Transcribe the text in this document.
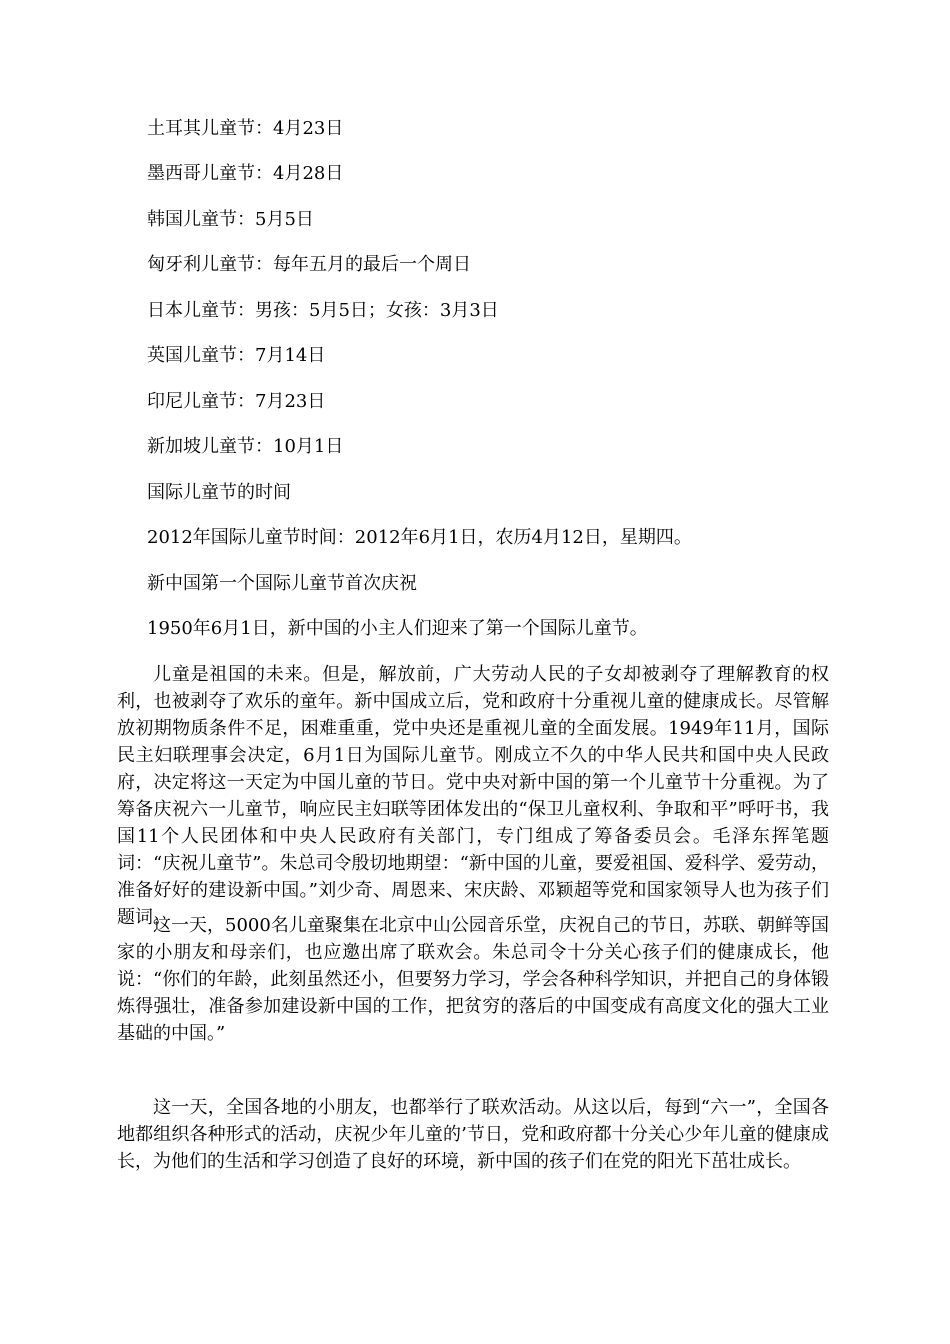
土耳其儿童节：4月23日

墨西哥儿童节：4月28日

韩国儿童节：5月5日

匈牙利儿童节：每年五月的最后一个周日

日本儿童节：男孩：5月5日；女孩：3月3日

英国儿童节：7月14日

印尼儿童节：7月23日

新加坡儿童节：10月1日

国际儿童节的时间

2012年国际儿童节时间：2012年6月1日，农历4月12日，星期四。

新中国第一个国际儿童节首次庆祝

1950年6月1日，新中国的小主人们迎来了第一个国际儿童节。

儿童是祖国的未来。但是，解放前，广大劳动人民的子女却被剥夺了理解教育的权利，也被剥夺了欢乐的童年。新中国成立后，党和政府十分重视儿童的健康成长。尽管解放初期物质条件不足，困难重重，党中央还是重视儿童的全面发展。1949年11月，国际民主妇联理事会决定，6月1日为国际儿童节。刚成立不久的中华人民共和国中央人民政府，决定将这一天定为中国儿童的节日。党中央对新中国的第一个儿童节十分重视。为了筹备庆祝六一儿童节，响应民主妇联等团体发出的“保卫儿童权利、争取和平”呼吁书，我国11个人民团体和中央人民政府有关部门，专门组成了筹备委员会。毛泽东挥笔题词：“庆祝儿童节”。朱总司令殷切地期望：“新中国的儿童，要爱祖国、爱科学、爱劳动，准备好好的建设新中国。”刘少奇、周恩来、宋庆龄、邓颖超等党和国家领导人也为孩子们题词。

这一天，5000名儿童聚集在北京中山公园音乐堂，庆祝自己的节日，苏联、朝鲜等国家的小朋友和母亲们，也应邀出席了联欢会。朱总司令十分关心孩子们的健康成长，他说：“你们的年龄，此刻虽然还小，但要努力学习，学会各种科学知识，并把自己的身体锻炼得强壮，准备参加建设新中国的工作，把贫穷的落后的中国变成有高度文化的强大工业基础的中国。”

这一天，全国各地的小朋友，也都举行了联欢活动。从这以后，每到“六一”，全国各地都组织各种形式的活动，庆祝少年儿童的’节日，党和政府都十分关心少年儿童的健康成长，为他们的生活和学习创造了良好的环境，新中国的孩子们在党的阳光下茁壮成长。
